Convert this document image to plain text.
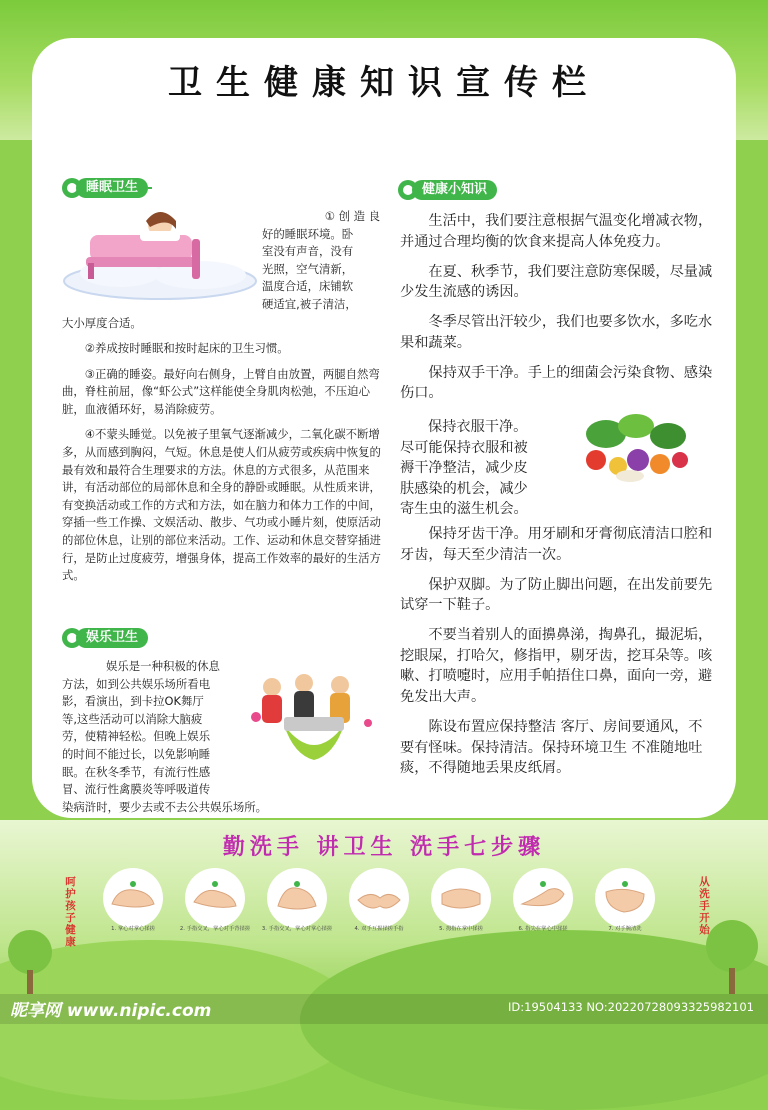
卫生健康知识宣传栏
睡眠卫生
① 创 造 良
好的睡眠环境。卧
室没有声音，没有
光照，空气清新，
温度合适，床铺软
硬适宜,被子清洁，
大小厚度合适。

②养成按时睡眠和按时起床的卫生习惯。

③正确的睡姿。最好向右侧身，上臂自由放置，两腿自然弯曲，脊柱前屈，像“虾公式”这样能使全身肌肉松弛，不压迫心脏，血液循环好，易消除疲劳。

④不蒙头睡觉。以免被子里氧气逐渐减少，二氧化碳不断增多，从而感到胸闷，气短。休息是使人们从疲劳或疾病中恢复的最有效和最符合生理要求的方法。休息的方式很多，从范围来讲，有活动部位的局部休息和全身的静卧或睡眠。从性质来讲，有变换活动或工作的方式和方法，如在脑力和体力工作的中间，穿插一些工作操、文娱活动、散步、气功或小睡片刻，使原活动的部位休息，让别的部位来活动。工作、运动和休息交替穿插进行，是防止过度疲劳，增强身体，提高工作效率的最好的生活方式。

娱乐卫生
娱乐是一种积极的休息
方法，如到公共娱乐场所看电
影，看演出，到卡拉OK舞厅
等,这些活动可以消除大脑疲
劳，使精神轻松。但晚上娱乐
的时间不能过长，以免影响睡
眠。在秋冬季节，有流行性感
冒、流行性禽膜炎等呼吸道传
染病浒时，要少去或不去公共娱乐场所。
健康小知识

生活中，我们要注意根据气温变化增减衣物，并通过合理均衡的饮食来提高人体免疫力。

在夏、秋季节，我们要注意防寒保暖，尽量减少发生流感的诱因。

冬季尽管出汗较少，我们也要多饮水，多吃水果和蔬菜。

保持双手干净。手上的细菌会污染食物、感染伤口。

保持衣服干净。
尽可能保持衣服和被
褥干净整洁，减少皮
肤感染的机会，减少
寄生虫的滋生机会。

保持牙齿干净。用牙刷和牙膏彻底清洁口腔和牙齿，每天至少清洁一次。

保护双脚。为了防止脚出问题，在出发前要先试穿一下鞋子。

不要当着别人的面擤鼻涕，掏鼻孔，撮泥垢，挖眼屎，打哈欠，修指甲，剔牙齿，挖耳朵等。咳嗽、打喷嚏时，应用手帕捂住口鼻，面向一旁，避免发出大声。

陈设布置应保持整洁 客厅、房间要通风，不要有怪味。保持清洁。保持环境卫生 不准随地吐痰，不得随地丢果皮纸屑。

勤洗手 讲卫生 洗手七步骤
呵护孩子健康
从洗手开始
1. 掌心对掌心揉搓	2. 手指交叉，掌心对手背揉搓	3. 手指交叉，掌心对掌心揉搓	4. 双手互握揉搓手指	5. 拇指在掌中揉搓	6. 指尖在掌心中揉搓	7. 对手腕清洗
昵享网 www.nipic.com	ID:19504133 NO:20220728093325982101
